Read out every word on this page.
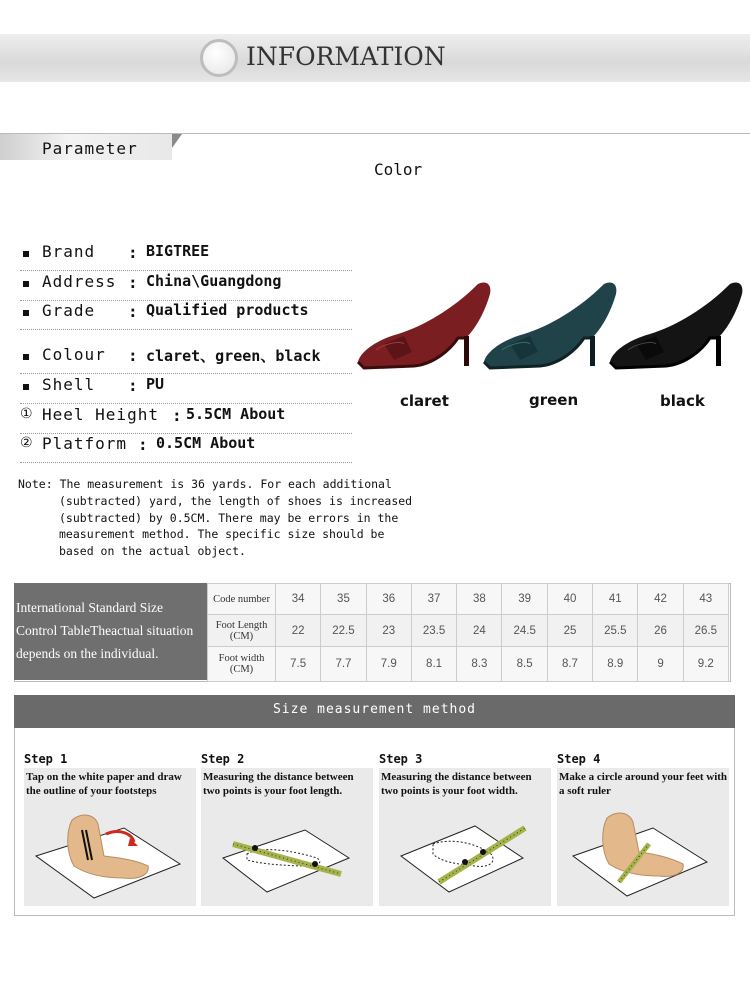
INFORMATION
Parameter
Color
Brand : BIGTREE
Address : China\Guangdong
Grade : Qualified products
Colour : claret、green、black
Shell : PU
① Heel Height : 5.5CM About
② Platform : 0.5CM About
claret	green	black
Note: The measurement is 36 yards. For each additional
(subtracted) yard, the length of shoes is increased
(subtracted) by 0.5CM. There may be errors in the
measurement method. The specific size should be
based on the actual object.
International Standard Size
Control TableTheactual situation
depends on the individual.
Code number	34	35	36	37	38	39	40	41	42	43
Foot Length (CM)	22	22.5	23	23.5	24	24.5	25	25.5	26	26.5
Foot width (CM)	7.5	7.7	7.9	8.1	8.3	8.5	8.7	8.9	9	9.2
Size measurement method
Step 1
Tap on the white paper and draw the outline of your footsteps
Step 2
Measuring the distance between two points is your foot length.
Step 3
Measuring the distance between two points is your foot width.
Step 4
Make a circle around your feet with a soft ruler
